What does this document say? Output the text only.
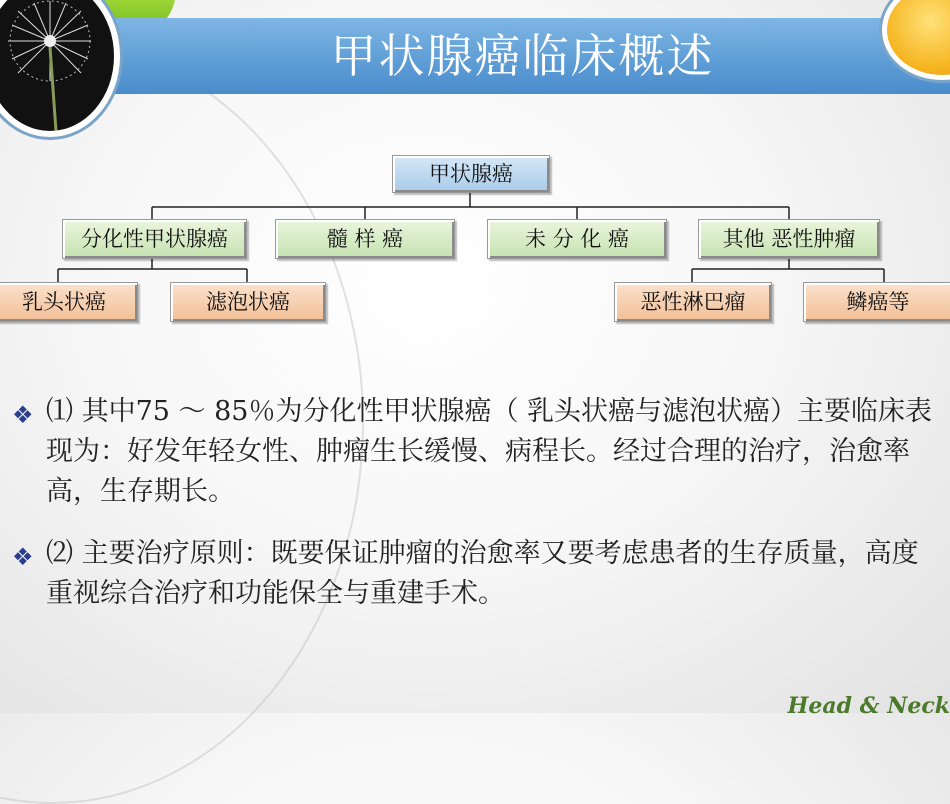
甲状腺癌临床概述
甲状腺癌
分化性甲状腺癌	髓 样 癌	未 分 化 癌	其他 恶性肿瘤
乳头状癌	滤泡状癌	恶性淋巴瘤	鳞癌等
❖ ⑴ 其中75 ～ 85％为分化性甲状腺癌（ 乳头状癌与滤泡状癌）主要临床表现为：好发年轻女性、肿瘤生长缓慢、病程长。经过合理的治疗，治愈率高，生存期长。
❖ ⑵ 主要治疗原则：既要保证肿瘤的治愈率又要考虑患者的生存质量，高度重视综合治疗和功能保全与重建手术。
Head & Neck
